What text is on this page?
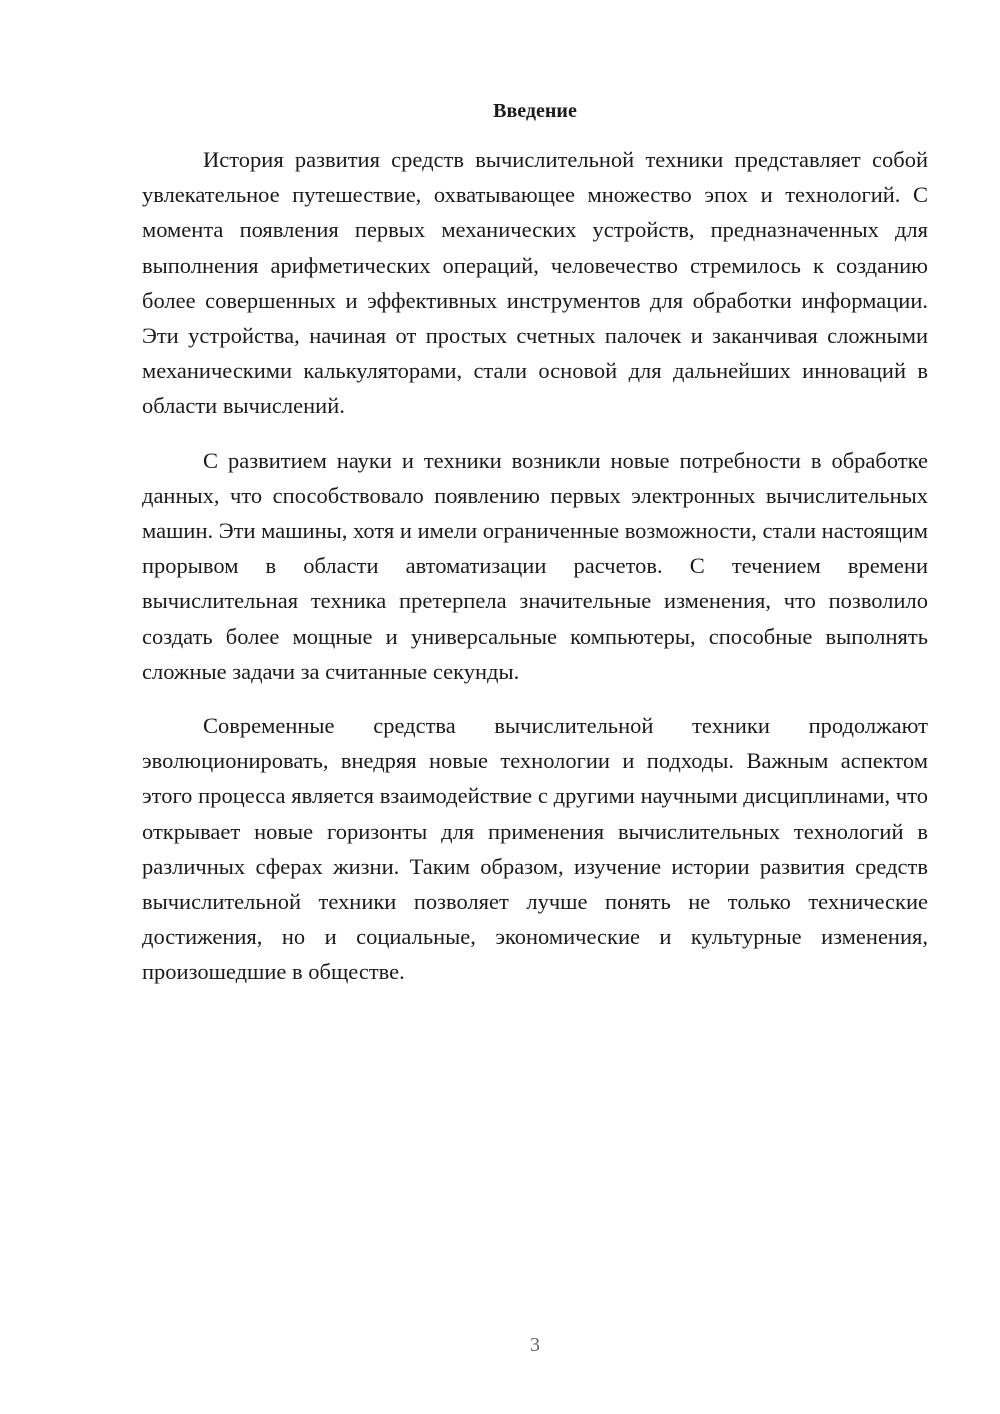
Введение

История развития средств вычислительной техники представляет собой увлекательное путешествие, охватывающее множество эпох и технологий. С момента появления первых механических устройств, предназначенных для выполнения арифметических операций, человечество стремилось к созданию более совершенных и эффективных инструментов для обработки информации. Эти устройства, начиная от простых счетных палочек и заканчивая сложными механическими калькуляторами, стали основой для дальнейших инноваций в области вычислений.

С развитием науки и техники возникли новые потребности в обработке данных, что способствовало появлению первых электронных вычислительных машин. Эти машины, хотя и имели ограниченные возможности, стали настоящим прорывом в области автоматизации расчетов. С течением времени вычислительная техника претерпела значительные изменения, что позволило создать более мощные и универсальные компьютеры, способные выполнять сложные задачи за считанные секунды.

Современные средства вычислительной техники продолжают эволюционировать, внедряя новые технологии и подходы. Важным аспектом этого процесса является взаимодействие с другими научными дисциплинами, что открывает новые горизонты для применения вычислительных технологий в различных сферах жизни. Таким образом, изучение истории развития средств вычислительной техники позволяет лучше понять не только технические достижения, но и социальные, экономические и культурные изменения, произошедшие в обществе.

3
